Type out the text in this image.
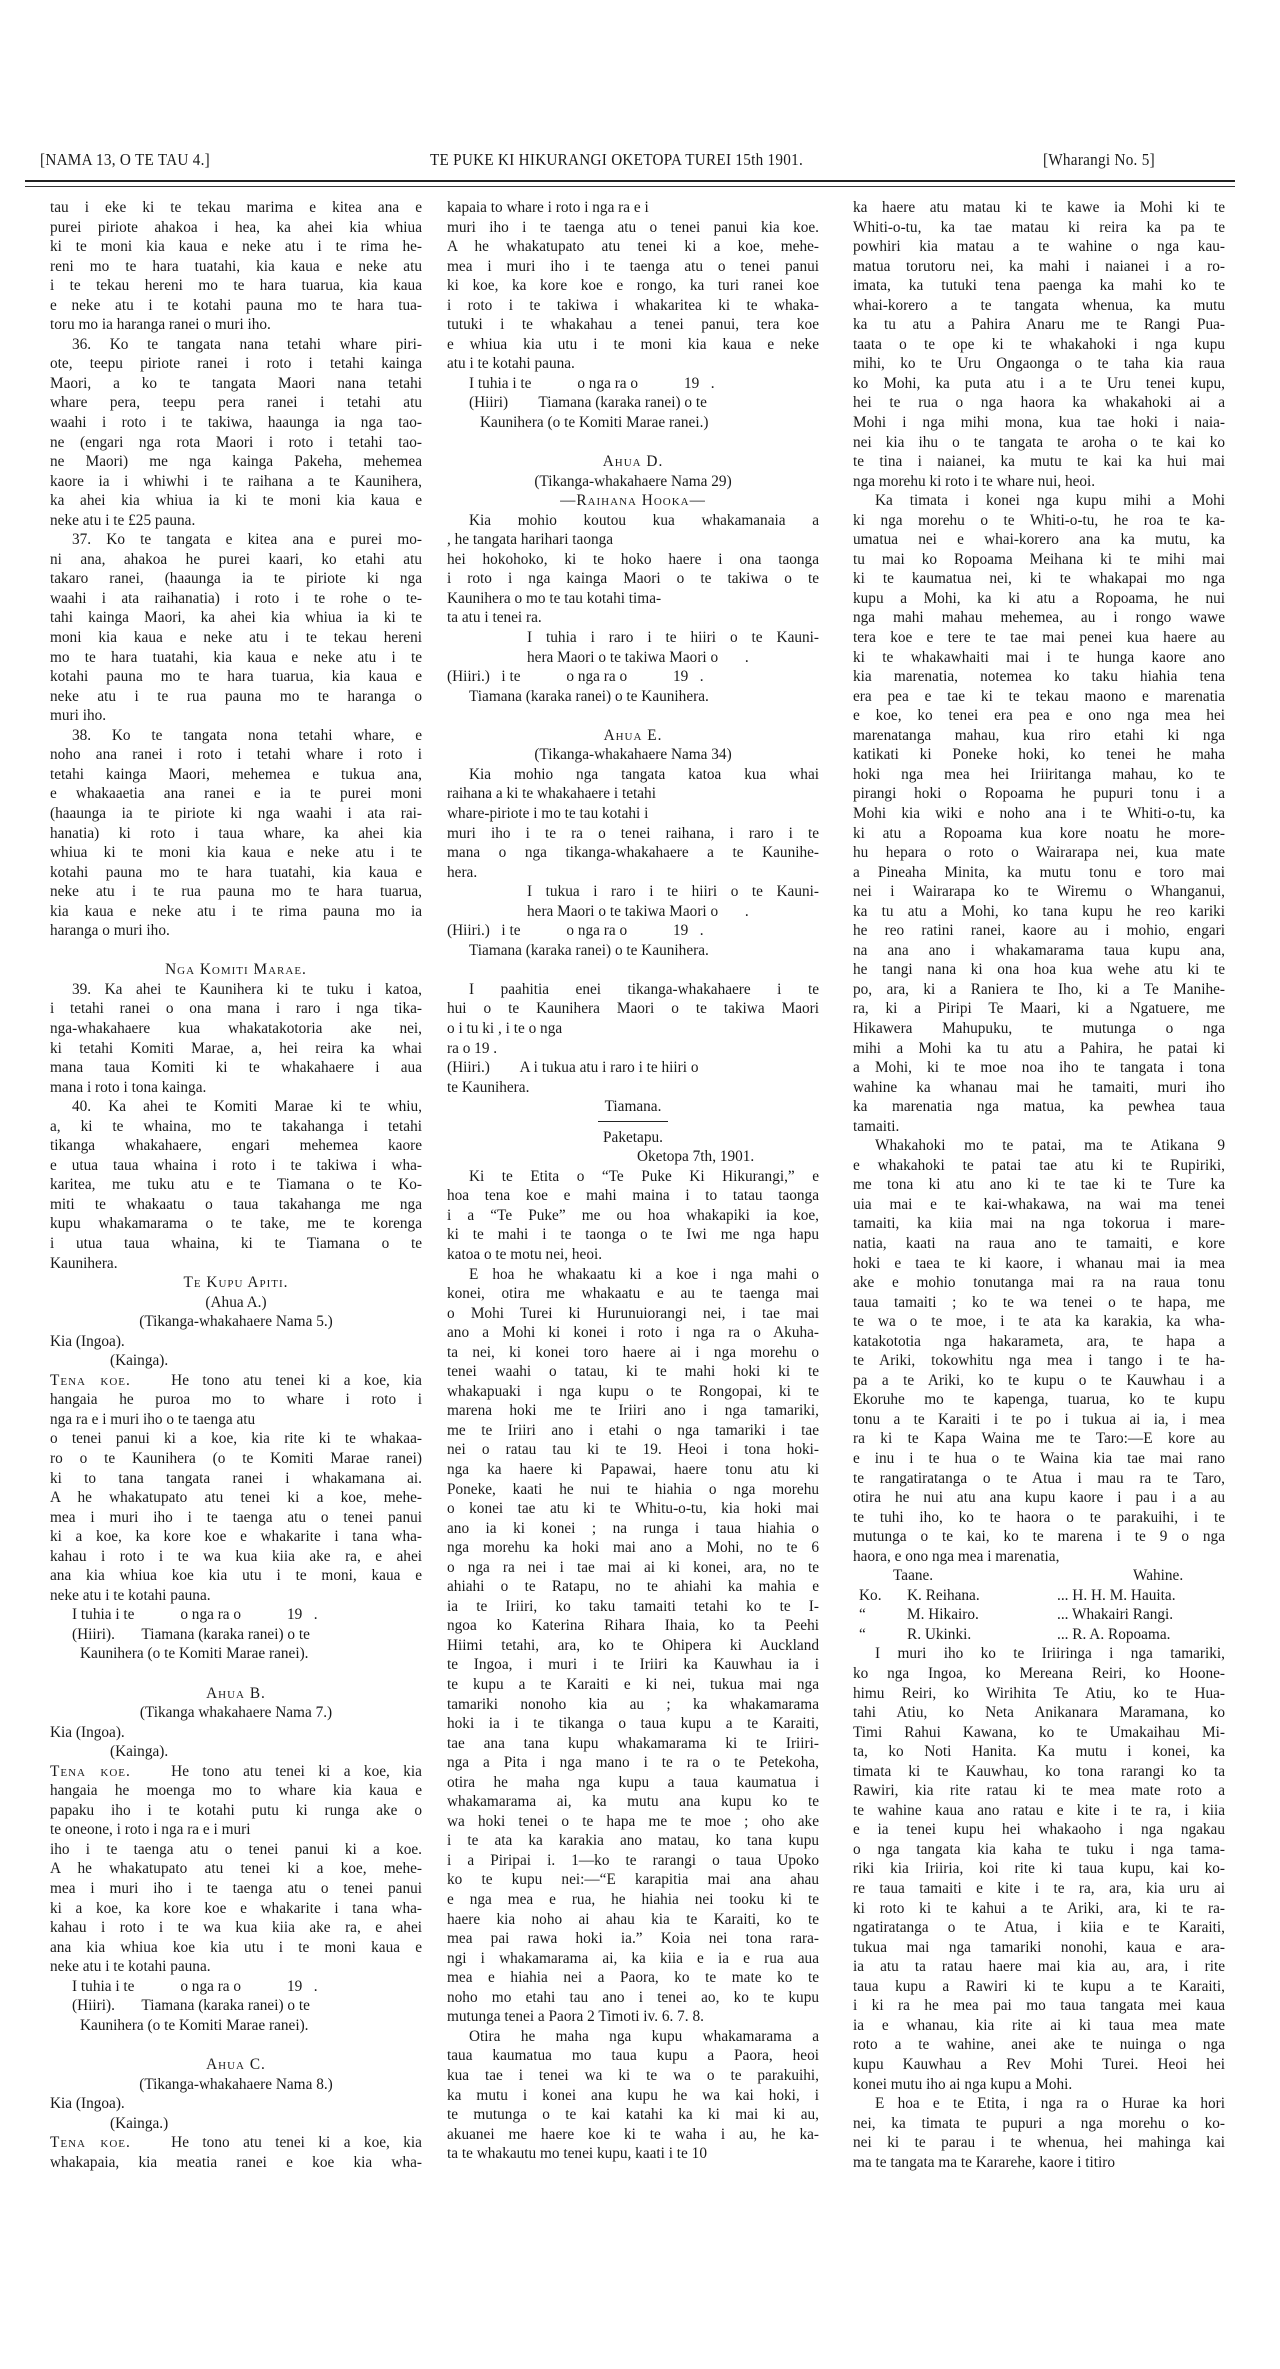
[NAMA 13, O TE TAU 4.]	TE PUKE KI HIKURANGI OKETOPA TUREI 15th 1901.	[Wharangi No. 5]
tau i eke ki te tekau marima e kitea ana e
purei piriote ahakoa i hea, ka ahei kia whiua
ki te moni kia kaua e neke atu i te rima he-
reni mo te hara tuatahi, kia kaua e neke atu
i te tekau hereni mo te hara tuarua, kia kaua
e neke atu i te kotahi pauna mo te hara tua-
toru mo ia haranga ranei o muri iho.
36. Ko te tangata nana tetahi whare piri-
ote, teepu piriote ranei i roto i tetahi kainga
Maori, a ko te tangata Maori nana tetahi
whare pera, teepu pera ranei i tetahi atu
waahi i roto i te takiwa, haaunga ia nga tao-
ne (engari nga rota Maori i roto i tetahi tao-
ne Maori) me nga kainga Pakeha, mehemea
kaore ia i whiwhi i te raihana a te Kaunihera,
ka ahei kia whiua ia ki te moni kia kaua e
neke atu i te £25 pauna.
37. Ko te tangata e kitea ana e purei mo-
ni ana, ahakoa he purei kaari, ko etahi atu
takaro ranei, (haaunga ia te piriote ki nga
waahi i ata raihanatia) i roto i te rohe o te-
tahi kainga Maori, ka ahei kia whiua ia ki te
moni kia kaua e neke atu i te tekau hereni
mo te hara tuatahi, kia kaua e neke atu i te
kotahi pauna mo te hara tuarua, kia kaua e
neke atu i te rua pauna mo te haranga o
muri iho.
38. Ko te tangata nona tetahi whare, e
noho ana ranei i roto i tetahi whare i roto i
tetahi kainga Maori, mehemea e tukua ana,
e whakaaetia ana ranei e ia te purei moni
(haaunga ia te piriote ki nga waahi i ata rai-
hanatia) ki roto i taua whare, ka ahei kia
whiua ki te moni kia kaua e neke atu i te
kotahi pauna mo te hara tuatahi, kia kaua e
neke atu i te rua pauna mo te hara tuarua,
kia kaua e neke atu i te rima pauna mo ia
haranga o muri iho.
Nga Komiti Marae.
39. Ka ahei te Kaunihera ki te tuku i katoa,
i tetahi ranei o ona mana i raro i nga tika-
nga-whakahaere kua whakatakotoria ake nei,
ki tetahi Komiti Marae, a, hei reira ka whai
mana taua Komiti ki te whakahaere i aua
mana i roto i tona kainga.
40. Ka ahei te Komiti Marae ki te whiu,
a, ki te whaina, mo te takahanga i tetahi
tikanga whakahaere, engari mehemea kaore
e utua taua whaina i roto i te takiwa i wha-
karitea, me tuku atu e te Tiamana o te Ko-
miti te whakaatu o taua takahanga me nga
kupu whakamarama o te take, me te korenga
i utua taua whaina, ki te Tiamana o te
Kaunihera.
Te Kupu Apiti.
(Ahua A.)
(Tikanga-whakahaere Nama 5.)
Kia (Ingoa).
(Kainga).
Tena koe.	He tono atu tenei ki a koe, kia
hangaia he puroa mo to whare i roto i
nga ra e i muri iho o te taenga atu
o tenei panui ki a koe, kia rite ki te whakaa-
ro o te Kaunihera (o te Komiti Marae ranei)
ki to tana tangata ranei i whakamana ai.
A he whakatupato atu tenei ki a koe, mehe-
mea i muri iho i te taenga atu o tenei panui
ki a koe, ka kore koe e whakarite i tana wha-
kahau i roto i te wa kua kiia ake ra, e ahei
ana kia whiua koe kia utu i te moni, kaua e
neke atu i te kotahi pauna.
I tuhia i te            o nga ra o            19   .
(Hiiri).       Tiamana (karaka ranei) o te
Kaunihera (o te Komiti Marae ranei).
Ahua B.
(Tikanga whakahaere Nama 7.)
Kia (Ingoa).
(Kainga).
Tena koe.	He tono atu tenei ki a koe, kia
hangaia he moenga mo to whare kia kaua e
papaku iho i te kotahi putu ki runga ake o
te oneone, i roto i nga ra e i muri
iho i te taenga atu o tenei panui ki a koe.
A he whakatupato atu tenei ki a koe, mehe-
mea i muri iho i te taenga atu o tenei panui
ki a koe, ka kore koe e whakarite i tana wha-
kahau i roto i te wa kua kiia ake ra, e ahei
ana kia whiua koe kia utu i te moni kaua e
neke atu i te kotahi pauna.
I tuhia i te            o nga ra o            19   .
(Hiiri).       Tiamana (karaka ranei) o te
Kaunihera (o te Komiti Marae ranei).
Ahua C.
(Tikanga-whakahaere Nama 8.)
Kia (Ingoa).
(Kainga.)
Tena koe.	He tono atu tenei ki a koe, kia
whakapaia, kia meatia ranei e koe kia wha-
kapaia to whare i roto i nga ra e i
muri iho i te taenga atu o tenei panui kia koe.
A he whakatupato atu tenei ki a koe, mehe-
mea i muri iho i te taenga atu o tenei panui
ki koe, ka kore koe e rongo, ka turi ranei koe
i roto i te takiwa i whakaritea ki te whaka-
tutuki i te whakahau a tenei panui, tera koe
e whiua kia utu i te moni kia kaua e neke
atu i te kotahi pauna.
I tuhia i te            o nga ra o            19   .
(Hiiri)        Tiamana (karaka ranei) o te
Kaunihera (o te Komiti Marae ranei.)
Ahua D.
(Tikanga-whakahaere Nama 29)
—Raihana Hooka—
Kia mohio koutou kua whakamanaia a
, he tangata harihari taonga
hei hokohoko, ki te hoko haere i ona taonga
i roto i nga kainga Maori o te takiwa o te
Kaunihera o mo te tau kotahi tima-
ta atu i tenei ra.
I tuhia i raro i te hiiri o te Kauni-
hera Maori o te takiwa Maori o       .
(Hiiri.)   i te            o nga ra o            19   .
Tiamana (karaka ranei) o te Kaunihera.
Ahua E.
(Tikanga-whakahaere Nama 34)
Kia mohio nga tangata katoa kua whai
raihana a ki te whakahaere i tetahi
whare-piriote i mo te tau kotahi i
muri iho i te ra o tenei raihana, i raro i te
mana o nga tikanga-whakahaere a te Kaunihe-
hera.
I tukua i raro i te hiiri o te Kauni-
hera Maori o te takiwa Maori o       .
(Hiiri.)   i te            o nga ra o            19   .
Tiamana (karaka ranei) o te Kaunihera.
I paahitia enei tikanga-whakahaere i te
hui o te Kaunihera Maori o te takiwa Maori
o i tu ki , i te o nga
ra o 19 .
(Hiiri.)        A i tukua atu i raro i te hiiri o
te Kaunihera.
Tiamana.
Paketapu.
Oketopa 7th, 1901.
Ki te Etita o “Te Puke Ki Hikurangi,” e
hoa tena koe e mahi maina i to tatau taonga
i a “Te Puke” me ou hoa whakapiki ia koe,
ki te mahi i te taonga o te Iwi me nga hapu
katoa o te motu nei, heoi.
E hoa he whakaatu ki a koe i nga mahi o
konei, otira me whakaatu e au te taenga mai
o Mohi Turei ki Hurunuiorangi nei, i tae mai
ano a Mohi ki konei i roto i nga ra o Akuha-
ta nei, ki konei toro haere ai i nga morehu o
tenei waahi o tatau, ki te mahi hoki ki te
whakapuaki i nga kupu o te Rongopai, ki te
marena hoki me te Iriiri ano i nga tamariki,
me te Iriiri ano i etahi o nga tamariki i tae
nei o ratau tau ki te 19. Heoi i tona hoki-
nga ka haere ki Papawai, haere tonu atu ki
Poneke, kaati he nui te hiahia o nga morehu
o konei tae atu ki te Whitu-o-tu, kia hoki mai
ano ia ki konei ; na runga i taua hiahia o
nga morehu ka hoki mai ano a Mohi, no te 6
o nga ra nei i tae mai ai ki konei, ara, no te
ahiahi o te Ratapu, no te ahiahi ka mahia e
ia te Iriiri, ko taku tamaiti tetahi ko te I-
ngoa ko Katerina Rihara Ihaia, ko ta Peehi
Hiimi tetahi, ara, ko te Ohipera ki Auckland
te Ingoa, i muri i te Iriiri ka Kauwhau ia i
te kupu a te Karaiti e ki nei, tukua mai nga
tamariki nonoho kia au ; ka whakamarama
hoki ia i te tikanga o taua kupu a te Karaiti,
tae ana tana kupu whakamarama ki te Iriiri-
nga a Pita i nga mano i te ra o te Petekoha,
otira he maha nga kupu a taua kaumatua i
whakamarama ai, ka mutu ana kupu ko te
wa hoki tenei o te hapa me te moe ; oho ake
i te ata ka karakia ano matau, ko tana kupu
i a Piripai i. 1—ko te rarangi o taua Upoko
ko te kupu nei:—“E karapitia mai ana ahau
e nga mea e rua, he hiahia nei tooku ki te
haere kia noho ai ahau kia te Karaiti, ko te
mea pai rawa hoki ia.” Koia nei tona rara-
ngi i whakamarama ai, ka kiia e ia e rua aua
mea e hiahia nei a Paora, ko te mate ko te
noho mo etahi tau ano i tenei ao, ko te kupu
mutunga tenei a Paora 2 Timoti iv. 6. 7. 8.
Otira he maha nga kupu whakamarama a
taua kaumatua mo taua kupu a Paora, heoi
kua tae i tenei wa ki te wa o te parakuihi,
ka mutu i konei ana kupu he wa kai hoki, i
te mutunga o te kai katahi ka ki mai ki au,
akuanei me haere koe ki te waha i au, he ka-
ta te whakautu mo tenei kupu, kaati i te 10
ka haere atu matau ki te kawe ia Mohi ki te
Whiti-o-tu, ka tae matau ki reira ka pa te
powhiri kia matau a te wahine o nga kau-
matua torutoru nei, ka mahi i naianei i a ro-
imata, ka tutuki tena paenga ka mahi ko te
whai-korero a te tangata whenua, ka mutu
ka tu atu a Pahira Anaru me te Rangi Pua-
taata o te ope ki te whakahoki i nga kupu
mihi, ko te Uru Ongaonga o te taha kia raua
ko Mohi, ka puta atu i a te Uru tenei kupu,
hei te rua o nga haora ka whakahoki ai a
Mohi i nga mihi mona, kua tae hoki i naia-
nei kia ihu o te tangata te aroha o te kai ko
te tina i naianei, ka mutu te kai ka hui mai
nga morehu ki roto i te whare nui, heoi.
Ka timata i konei nga kupu mihi a Mohi
ki nga morehu o te Whiti-o-tu, he roa te ka-
umatua nei e whai-korero ana ka mutu, ka
tu mai ko Ropoama Meihana ki te mihi mai
ki te kaumatua nei, ki te whakapai mo nga
kupu a Mohi, ka ki atu a Ropoama, he nui
nga mahi mahau mehemea, au i rongo wawe
tera koe e tere te tae mai penei kua haere au
ki te whakawhaiti mai i te hunga kaore ano
kia marenatia, notemea ko taku hiahia tena
era pea e tae ki te tekau maono e marenatia
e koe, ko tenei era pea e ono nga mea hei
marenatanga mahau, kua riro etahi ki nga
katikati ki Poneke hoki, ko tenei he maha
hoki nga mea hei Iriiritanga mahau, ko te
pirangi hoki o Ropoama he pupuri tonu i a
Mohi kia wiki e noho ana i te Whiti-o-tu, ka
ki atu a Ropoama kua kore noatu he more-
hu hepara o roto o Wairarapa nei, kua mate
a Pineaha Minita, ka mutu tonu e toro mai
nei i Wairarapa ko te Wiremu o Whanganui,
ka tu atu a Mohi, ko tana kupu he reo kariki
he reo ratini ranei, kaore au i mohio, engari
na ana ano i whakamarama taua kupu ana,
he tangi nana ki ona hoa kua wehe atu ki te
po, ara, ki a Raniera te Iho, ki a Te Manihe-
ra, ki a Piripi Te Maari, ki a Ngatuere, me
Hikawera Mahupuku, te mutunga o nga
mihi a Mohi ka tu atu a Pahira, he patai ki
a Mohi, ki te moe noa iho te tangata i tona
wahine ka whanau mai he tamaiti, muri iho
ka marenatia nga matua, ka pewhea taua
tamaiti.
Whakahoki mo te patai, ma te Atikana 9
e whakahoki te patai tae atu ki te Rupiriki,
me tona ki atu ano ki te tae ki te Ture ka
uia mai e te kai-whakawa, na wai ma tenei
tamaiti, ka kiia mai na nga tokorua i mare-
natia, kaati na raua ano te tamaiti, e kore
hoki e taea te ki kaore, i whanau mai ia mea
ake e mohio tonutanga mai ra na raua tonu
taua tamaiti ; ko te wa tenei o te hapa, me
te wa o te moe, i te ata ka karakia, ka wha-
katakototia nga hakarameta, ara, te hapa a
te Ariki, tokowhitu nga mea i tango i te ha-
pa a te Ariki, ko te kupu o te Kauwhau i a
Ekoruhe mo te kapenga, tuarua, ko te kupu
tonu a te Karaiti i te po i tukua ai ia, i mea
ra ki te Kapa Waina me te Taro:—E kore au
e inu i te hua o te Waina kia tae mai rano
te rangatiratanga o te Atua i mau ra te Taro,
otira he nui atu ana kupu kaore i pau i a au
te tuhi iho, ko te haora o te parakuihi, i te
mutunga o te kai, ko te marena i te 9 o nga
haora, e ono nga mea i marenatia,
Taane.	Wahine.
Ko.	K. Reihana.	... H. H. M. Hauita.
“	M. Hikairo.	... Whakairi Rangi.
“	R. Ukinki.	... R. A. Ropoama.
I muri iho ko te Iriiringa i nga tamariki,
ko nga Ingoa, ko Mereana Reiri, ko Hoone-
himu Reiri, ko Wirihita Te Atiu, ko te Hua-
tahi Atiu, ko Neta Anikanara Maramana, ko
Timi Rahui Kawana, ko te Umakaihau Mi-
ta, ko Noti Hanita. Ka mutu i konei, ka
timata ki te Kauwhau, ko tona rarangi ko ta
Rawiri, kia rite ratau ki te mea mate roto a
te wahine kaua ano ratau e kite i te ra, i kiia
e ia tenei kupu hei whakaoho i nga ngakau
o nga tangata kia kaha te tuku i nga tama-
riki kia Iriiria, koi rite ki taua kupu, kai ko-
re taua tamaiti e kite i te ra, ara, kia uru ai
ki roto ki te kahui a te Ariki, ara, ki te ra-
ngatiratanga o te Atua, i kiia e te Karaiti,
tukua mai nga tamariki nonohi, kaua e ara-
ia atu ta ratau haere mai kia au, ara, i rite
taua kupu a Rawiri ki te kupu a te Karaiti,
i ki ra he mea pai mo taua tangata mei kaua
ia e whanau, kia rite ai ki taua mea mate
roto a te wahine, anei ake te nuinga o nga
kupu Kauwhau a Rev Mohi Turei. Heoi hei
konei mutu iho ai nga kupu a Mohi.
E hoa e te Etita, i nga ra o Hurae ka hori
nei, ka timata te pupuri a nga morehu o ko-
nei ki te parau i te whenua, hei mahinga kai
ma te tangata ma te Kararehe, kaore i titiro
